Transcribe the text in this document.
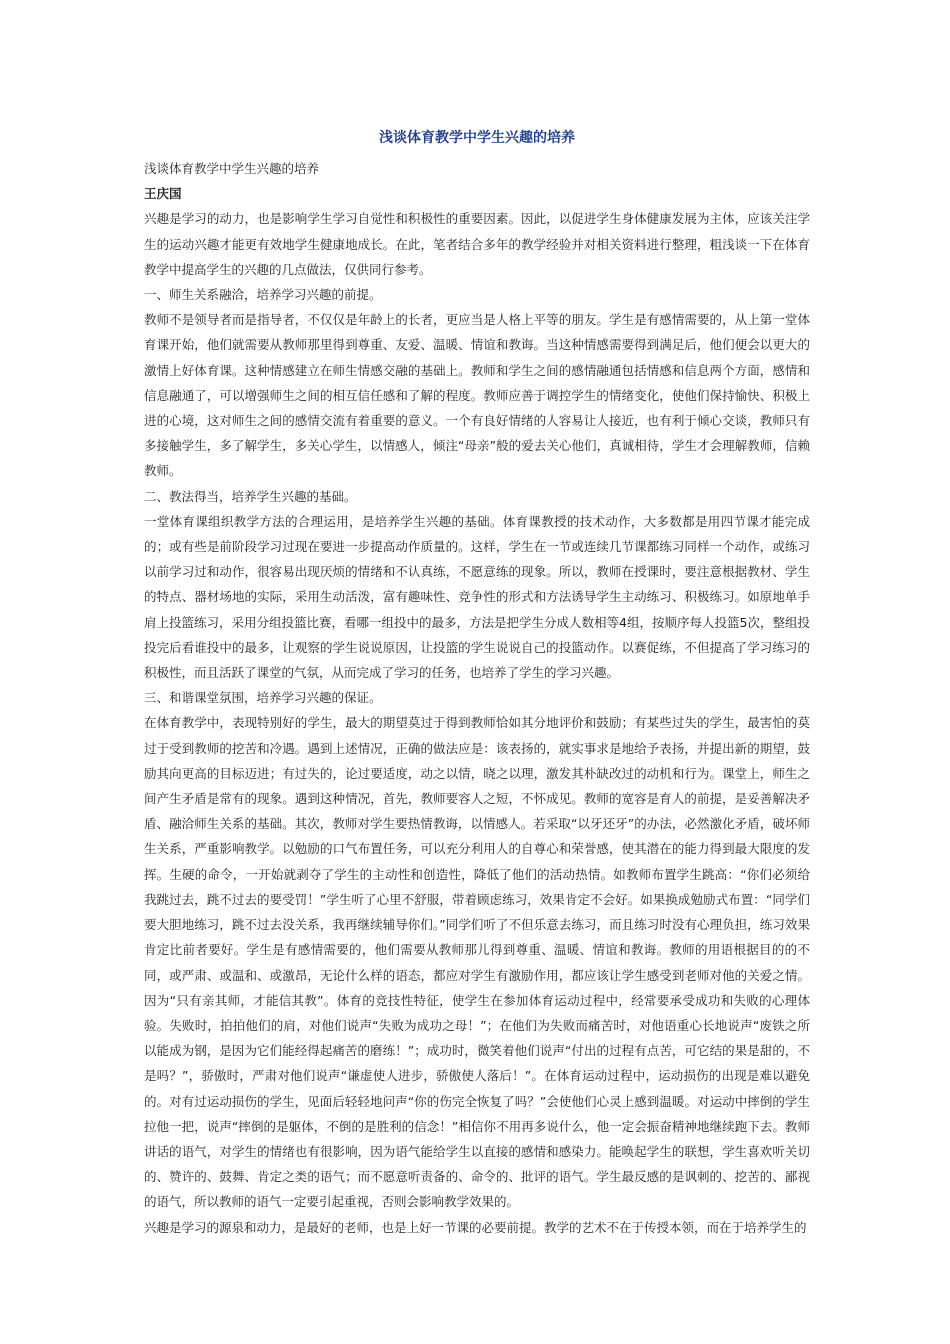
浅谈体育教学中学生兴趣的培养

浅谈体育教学中学生兴趣的培养

王庆国

兴趣是学习的动力，也是影响学生学习自觉性和积极性的重要因素。因此，以促进学生身体健康发展为主体，应该关注学生的运动兴趣才能更有效地学生健康地成长。在此，笔者结合多年的教学经验并对相关资料进行整理，粗浅谈一下在体育教学中提高学生的兴趣的几点做法，仅供同行参考。

一、师生关系融洽，培养学习兴趣的前提。

教师不是领导者而是指导者，不仅仅是年龄上的长者，更应当是人格上平等的朋友。学生是有感情需要的，从上第一堂体育课开始，他们就需要从教师那里得到尊重、友爱、温暖、情谊和教诲。当这种情感需要得到满足后，他们便会以更大的激情上好体育课。这种情感建立在师生情感交融的基础上。教师和学生之间的感情融通包括情感和信息两个方面，感情和信息融通了，可以增强师生之间的相互信任感和了解的程度。教师应善于调控学生的情绪变化，使他们保持愉快、积极上进的心境，这对师生之间的感情交流有着重要的意义。一个有良好情绪的人容易让人接近，也有利于倾心交谈，教师只有多接触学生，多了解学生，多关心学生，以情感人，倾注“母亲”般的爱去关心他们，真诚相待，学生才会理解教师，信赖教师。

二、教法得当，培养学生兴趣的基础。

一堂体育课组织教学方法的合理运用，是培养学生兴趣的基础。体育课教授的技术动作，大多数都是用四节课才能完成的；或有些是前阶段学习过现在要进一步提高动作质量的。这样，学生在一节或连续几节课都练习同样一个动作，或练习以前学习过和动作，很容易出现厌烦的情绪和不认真练，不愿意练的现象。所以，教师在授课时，要注意根据教材、学生的特点、器材场地的实际，采用生动活泼，富有趣味性、竞争性的形式和方法诱导学生主动练习、积极练习。如原地单手肩上投篮练习，采用分组投篮比赛，看哪一组投中的最多，方法是把学生分成人数相等4组，按顺序每人投篮5次，整组投投完后看谁投中的最多，让观察的学生说说原因，让投篮的学生说说自己的投篮动作。以赛促练，不但提高了学习练习的积极性，而且活跃了课堂的气氛，从而完成了学习的任务，也培养了学生的学习兴趣。

三、和谐课堂氛围，培养学习兴趣的保证。

在体育教学中，表现特别好的学生，最大的期望莫过于得到教师恰如其分地评价和鼓励；有某些过失的学生，最害怕的莫过于受到教师的挖苦和冷遇。遇到上述情况，正确的做法应是：该表扬的，就实事求是地给予表扬，并提出新的期望，鼓励其向更高的目标迈进；有过失的，论过要适度，动之以情，晓之以理，激发其朴缺改过的动机和行为。课堂上，师生之间产生矛盾是常有的现象。遇到这种情况，首先，教师要容人之短，不怀成见。教师的宽容是育人的前提，是妥善解决矛盾、融洽师生关系的基础。其次，教师对学生要热情教诲，以情感人。若采取“以牙还牙”的办法，必然激化矛盾，破坏师生关系，严重影响教学。以勉励的口气布置任务，可以充分利用人的自尊心和荣誉感，使其潜在的能力得到最大限度的发挥。生硬的命令，一开始就剥夺了学生的主动性和创造性，降低了他们的活动热情。如教师布置学生跳高：“你们必须给我跳过去，跳不过去的要受罚！”学生听了心里不舒服，带着顾虑练习，效果肯定不会好。如果换成勉励式布置：“同学们要大胆地练习，跳不过去没关系，我再继续辅导你们。”同学们听了不但乐意去练习，而且练习时没有心理负担，练习效果肯定比前者要好。学生是有感情需要的，他们需要从教师那儿得到尊重、温暖、情谊和教诲。教师的用语根据目的的不同，或严肃、或温和、或激昂，无论什么样的语态，都应对学生有激励作用，都应该让学生感受到老师对他的关爱之情。因为“只有亲其师，才能信其教”。体育的竞技性特征，使学生在参加体育运动过程中，经常要承受成功和失败的心理体验。失败时，拍拍他们的肩，对他们说声“失败为成功之母！”；在他们为失败而痛苦时，对他语重心长地说声“废铁之所以能成为钢，是因为它们能经得起痛苦的磨练！”；成功时，微笑着他们说声“付出的过程有点苦，可它结的果是甜的，不是吗？”，骄傲时，严肃对他们说声“谦虚使人进步，骄傲使人落后！”。在体育运动过程中，运动损伤的出现是难以避免的。对有过运动损伤的学生，见面后轻轻地问声“你的伤完全恢复了吗？”会使他们心灵上感到温暖。对运动中摔倒的学生拉他一把，说声“摔倒的是躯体，不倒的是胜利的信念！”相信你不用再多说什么，他一定会振奋精神地继续跑下去。教师讲话的语气，对学生的情绪也有很影响，因为语气能给学生以直接的感情和感染力。能唤起学生的联想，学生喜欢听关切的、赞许的、鼓舞、肯定之类的语气；而不愿意听责备的、命令的、批评的语气。学生最反感的是讽刺的、挖苦的、鄙视的语气，所以教师的语气一定要引起重视，否则会影响教学效果的。

兴趣是学习的源泉和动力，是最好的老师，也是上好一节课的必要前提。教学的艺术不在于传授本领，而在于培养学生的
